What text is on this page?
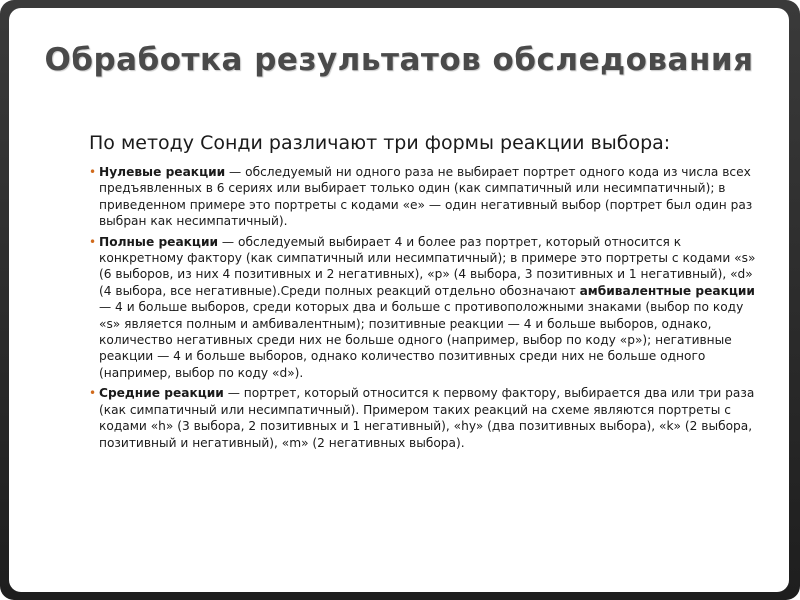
Обработка результатов обследования
По методу Сонди различают три формы реакции выбора:
• Нулевые реакции — обследуемый ни одного раза не выбирает портрет одного кода из числа всех предъявленных в 6 сериях или выбирает только один (как симпатичный или несимпатичный); в приведенном примере это портреты с кодами «e» — один негативный выбор (портрет был один раз выбран как несимпатичный).
• Полные реакции — обследуемый выбирает 4 и более раз портрет, который относится к конкретному фактору (как симпатичный или несимпатичный); в примере это портреты с кодами «s» (6 выборов, из них 4 позитивных и 2 негативных), «p» (4 выбора, 3 позитивных и 1 негативный), «d» (4 выбора, все негативные).Среди полных реакций отдельно обозначают амбивалентные реакции — 4 и больше выборов, среди которых два и больше с противоположными знаками (выбор по коду «s» является полным и амбивалентным); позитивные реакции — 4 и больше выборов, однако, количество негативных среди них не больше одного (например, выбор по коду «p»); негативные реакции — 4 и больше выборов, однако количество позитивных среди них не больше одного (например, выбор по коду «d»).
• Средние реакции — портрет, который относится к первому фактору, выбирается два или три раза (как симпатичный или несимпатичный). Примером таких реакций на схеме являются портреты с кодами «h» (3 выбора, 2 позитивных и 1 негативный), «hy» (два позитивных выбора), «k» (2 выбора, позитивный и негативный), «m» (2 негативных выбора).
